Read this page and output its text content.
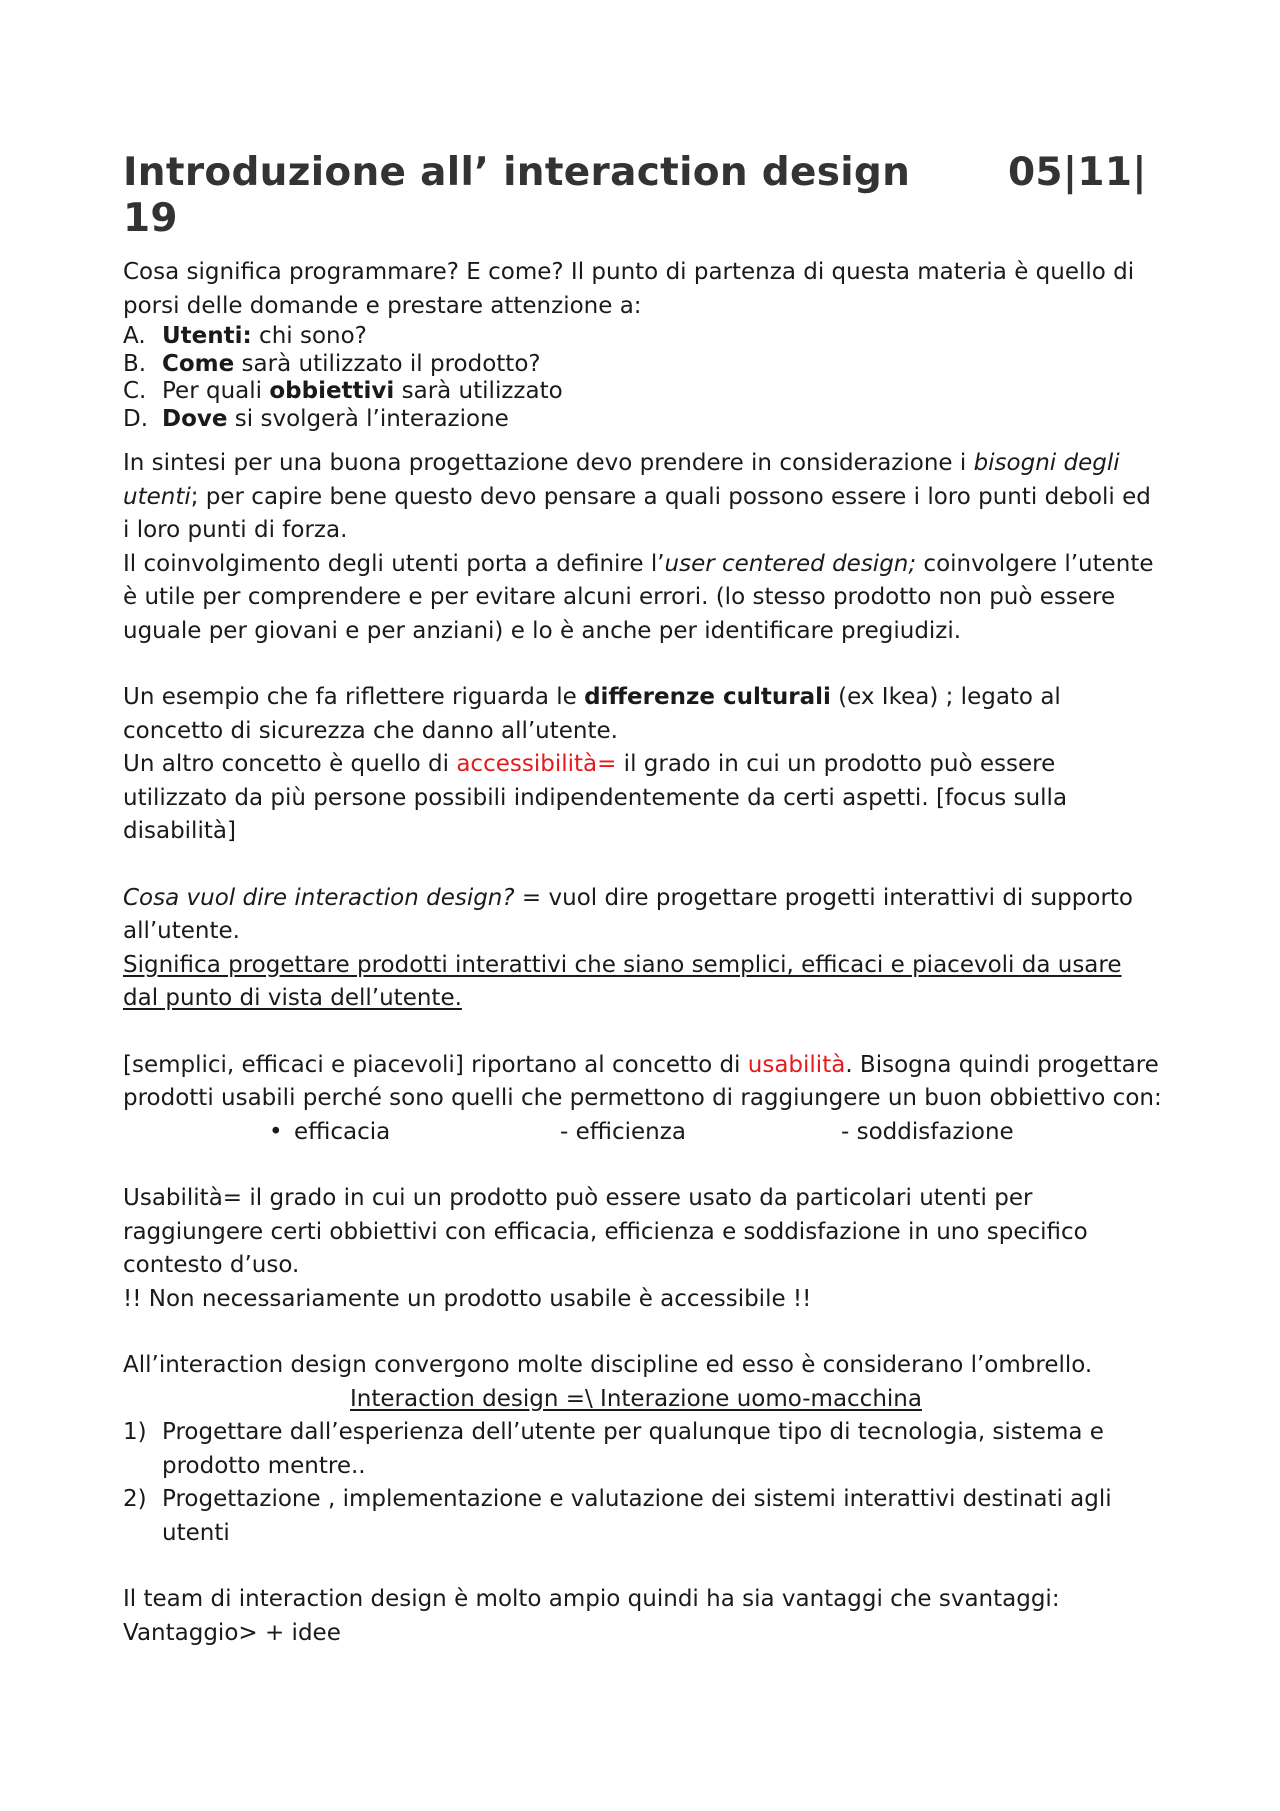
Introduzione all’ interaction design	05|11|

19

Cosa significa programmare? E come? Il punto di partenza di questa materia è quello di porsi delle domande e prestare attenzione a:

A. Utenti: chi sono?
B. Come sarà utilizzato il prodotto?
C. Per quali obbiettivi sarà utilizzato
D. Dove si svolgerà l’interazione

In sintesi per una buona progettazione devo prendere in considerazione i bisogni degli utenti; per capire bene questo devo pensare a quali possono essere i loro punti deboli ed i loro punti di forza.

Il coinvolgimento degli utenti porta a definire l’user centered design; coinvolgere l’utente è utile per comprendere e per evitare alcuni errori. (lo stesso prodotto non può essere uguale per giovani e per anziani) e lo è anche per identificare pregiudizi.

Un esempio che fa riflettere riguarda le differenze culturali (ex Ikea) ; legato al concetto di sicurezza che danno all’utente.

Un altro concetto è quello di accessibilità= il grado in cui un prodotto può essere utilizzato da più persone possibili indipendentemente da certi aspetti. [focus sulla disabilità]

Cosa vuol dire interaction design? = vuol dire progettare progetti interattivi di supporto all’utente.

Significa progettare prodotti interattivi che siano semplici, efficaci e piacevoli da usare dal punto di vista dell’utente.

[semplici, efficaci e piacevoli] riportano al concetto di usabilità. Bisogna quindi progettare prodotti usabili perché sono quelli che permettono di raggiungere un buon obbiettivo con:

• efficacia	- efficienza	- soddisfazione

Usabilità= il grado in cui un prodotto può essere usato da particolari utenti per raggiungere certi obbiettivi con efficacia, efficienza e soddisfazione in uno specifico contesto d’uso.

!! Non necessariamente un prodotto usabile è accessibile !!

All’interaction design convergono molte discipline ed esso è considerano l’ombrello.

Interaction design =\ Interazione uomo-macchina
1) Progettare dall’esperienza dell’utente per qualunque tipo di tecnologia, sistema e prodotto mentre..
2) Progettazione , implementazione e valutazione dei sistemi interattivi destinati agli utenti

Il team di interaction design è molto ampio quindi ha sia vantaggi che svantaggi:

Vantaggio> + idee
